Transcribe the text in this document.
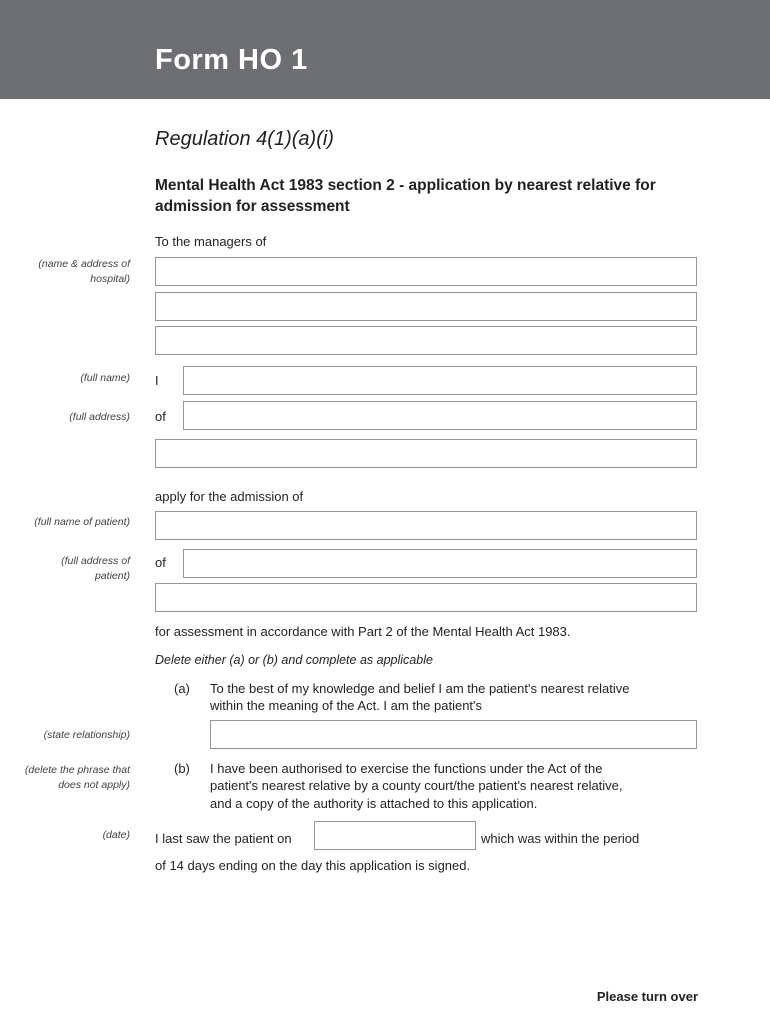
Form HO 1
Regulation 4(1)(a)(i)
Mental Health Act 1983 section 2 - application by nearest relative for admission for assessment
To the managers of
(name & address of hospital)
(full name) I
(full address) of
apply for the admission of
(full name of patient)
(full address of patient)
of
for assessment in accordance with Part 2 of the Mental Health Act 1983.
Delete either (a) or (b) and complete as applicable
(a) To the best of my knowledge and belief I am the patient's nearest relative
within the meaning of the Act. I am the patient's
(state relationship)
(delete the phrase that does not apply)
(b) I have been authorised to exercise the functions under the Act of the
patient's nearest relative by a county court/the patient's nearest relative,
and a copy of the authority is attached to this application.
(date) I last saw the patient on	which was within the period
of 14 days ending on the day this application is signed.
Please turn over
